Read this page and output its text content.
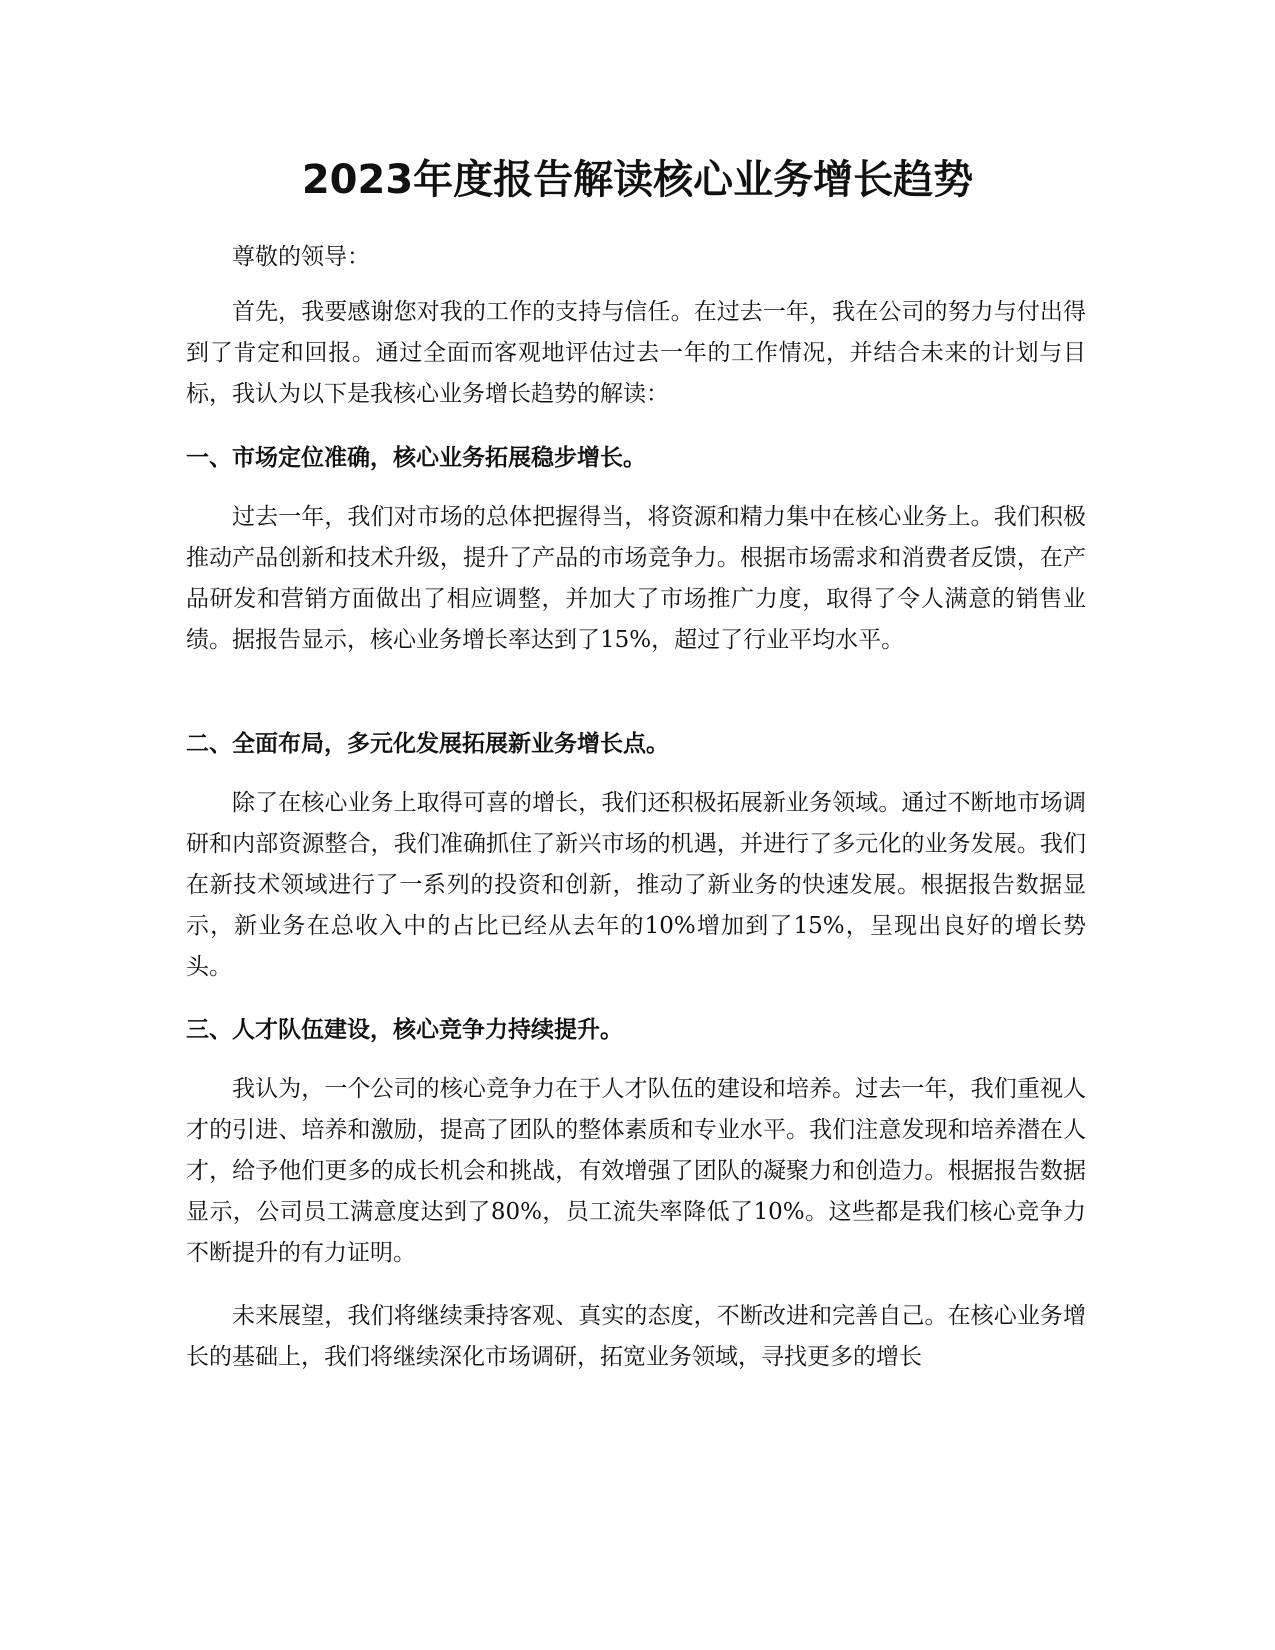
2023年度报告解读核心业务增长趋势

尊敬的领导：

首先，我要感谢您对我的工作的支持与信任。在过去一年，我在公司的努力与付出得到了肯定和回报。通过全面而客观地评估过去一年的工作情况，并结合未来的计划与目标，我认为以下是我核心业务增长趋势的解读：

一、市场定位准确，核心业务拓展稳步增长。

过去一年，我们对市场的总体把握得当，将资源和精力集中在核心业务上。我们积极推动产品创新和技术升级，提升了产品的市场竞争力。根据市场需求和消费者反馈，在产品研发和营销方面做出了相应调整，并加大了市场推广力度，取得了令人满意的销售业绩。据报告显示，核心业务增长率达到了15%，超过了行业平均水平。

二、全面布局，多元化发展拓展新业务增长点。

除了在核心业务上取得可喜的增长，我们还积极拓展新业务领域。通过不断地市场调研和内部资源整合，我们准确抓住了新兴市场的机遇，并进行了多元化的业务发展。我们在新技术领域进行了一系列的投资和创新，推动了新业务的快速发展。根据报告数据显示，新业务在总收入中的占比已经从去年的10%增加到了15%，呈现出良好的增长势头。

三、人才队伍建设，核心竞争力持续提升。

我认为，一个公司的核心竞争力在于人才队伍的建设和培养。过去一年，我们重视人才的引进、培养和激励，提高了团队的整体素质和专业水平。我们注意发现和培养潜在人才，给予他们更多的成长机会和挑战，有效增强了团队的凝聚力和创造力。根据报告数据显示，公司员工满意度达到了80%，员工流失率降低了10%。这些都是我们核心竞争力不断提升的有力证明。

未来展望，我们将继续秉持客观、真实的态度，不断改进和完善自己。在核心业务增长的基础上，我们将继续深化市场调研，拓宽业务领域，寻找更多的增长
